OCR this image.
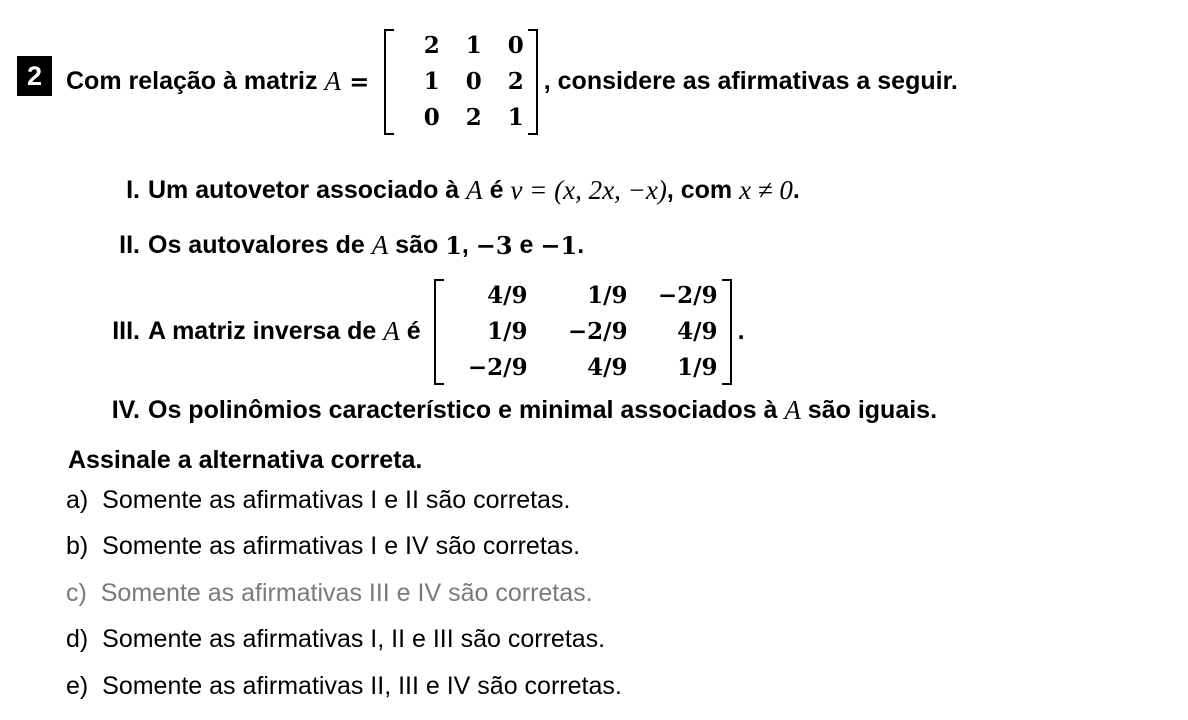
2 Com relação à matriz A =
2	1	0
1	0	2
0	2	1
, considere as afirmativas a seguir.
I. Um autovetor associado à A é v = (x, 2x, −x) , com x ≠ 0 .
II. Os autovalores de A são 1 , −3 e −1 .
III. A matriz inversa de A é
4/9	1/9	−2/9
1/9	−2/9	4/9
−2/9	4/9	1/9
.
IV. Os polinômios característico e minimal associados à A são iguais.
Assinale a alternativa correta.
a) Somente as afirmativas I e II são corretas.
b) Somente as afirmativas I e IV são corretas.
c) Somente as afirmativas III e IV são corretas.
d) Somente as afirmativas I, II e III são corretas.
e) Somente as afirmativas II, III e IV são corretas.
